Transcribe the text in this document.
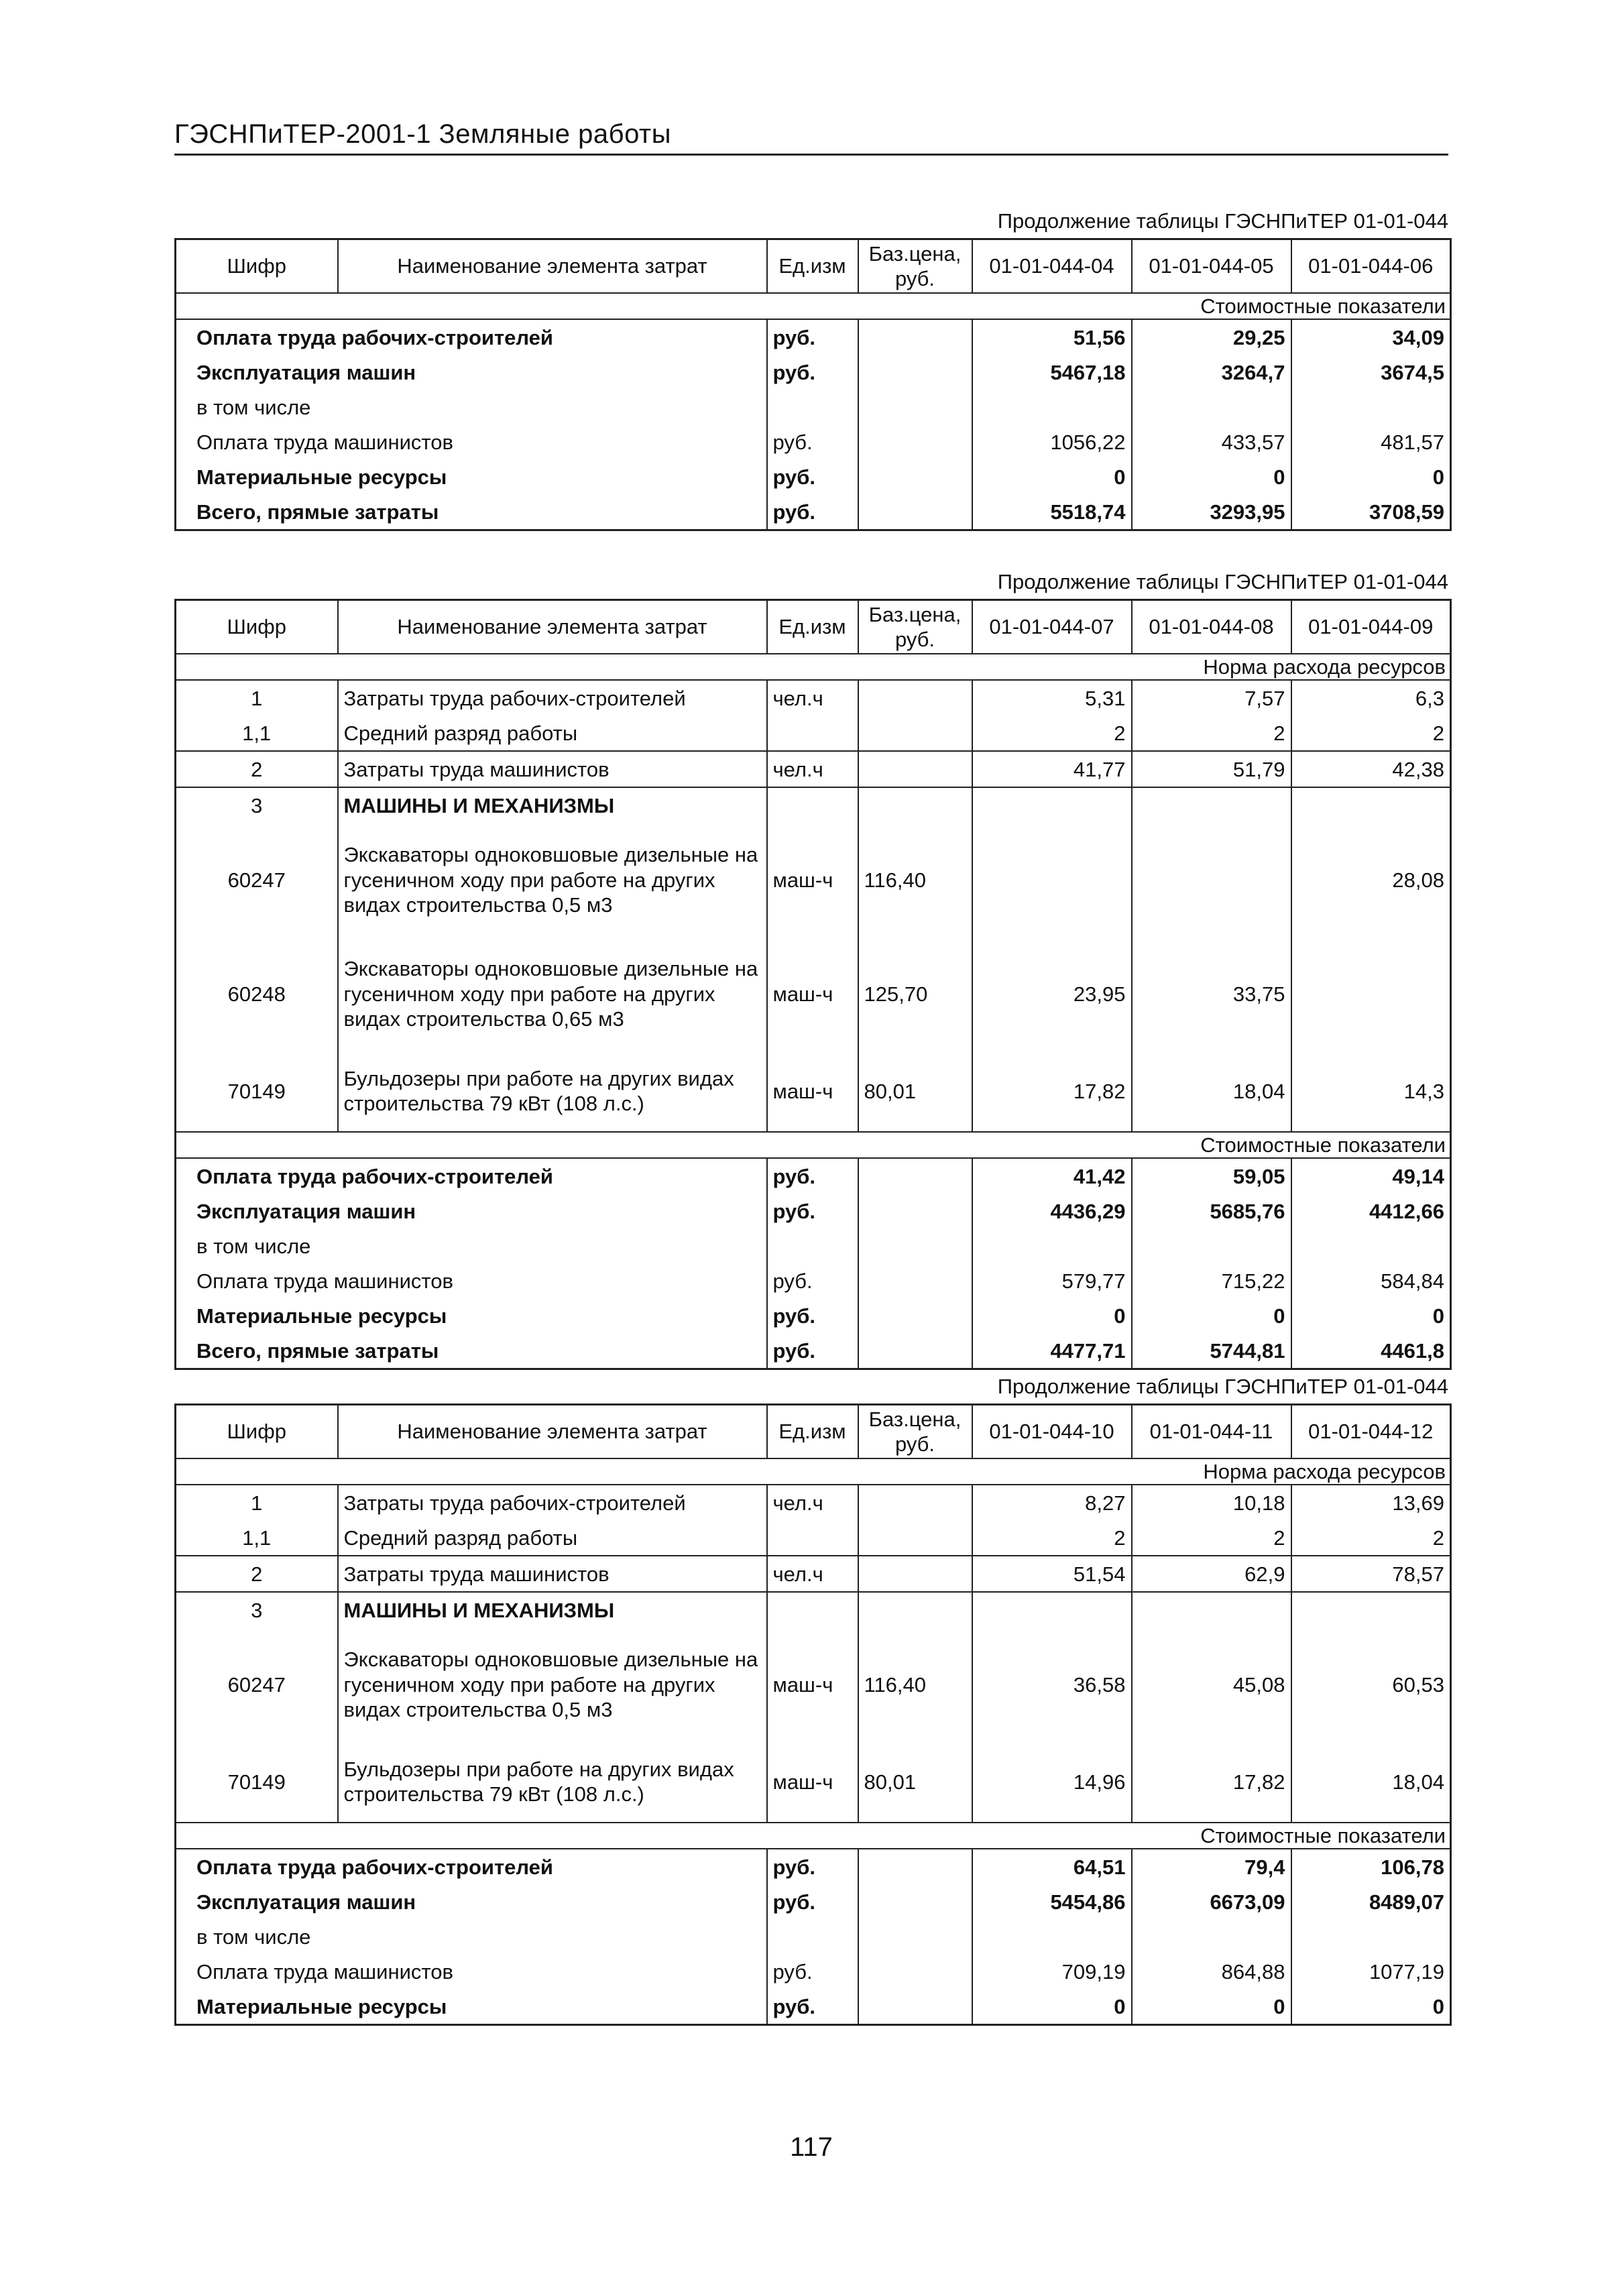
ГЭСНПиТЕР-2001-1 Земляные работы
Продолжение таблицы ГЭСНПиТЕР 01-01-044
Шифр	Наименование элемента затрат	Ед.изм	Баз.цена, руб.	01-01-044-04	01-01-044-05	01-01-044-06
Стоимостные показатели						
Оплата труда рабочих-строителей		руб.		51,56	29,25	34,09
Эксплуатация машин		руб.		5467,18	3264,7	3674,5
в том числе						
Оплата труда машинистов		руб.		1056,22	433,57	481,57
Материальные ресурсы		руб.		0	0	0
Всего, прямые затраты		руб.		5518,74	3293,95	3708,59
Продолжение таблицы ГЭСНПиТЕР 01-01-044
Шифр	Наименование элемента затрат	Ед.изм	Баз.цена, руб.	01-01-044-07	01-01-044-08	01-01-044-09
Норма расхода ресурсов						
1	Затраты труда рабочих-строителей	чел.ч		5,31	7,57	6,3
1,1	Средний разряд работы			2	2	2
2	Затраты труда машинистов	чел.ч		41,77	51,79	42,38
3	МАШИНЫ И МЕХАНИЗМЫ					
60247	Экскаваторы одноковшовые дизельные на гусеничном ходу при работе на других видах строительства 0,5 м3	маш-ч	116,40			28,08
60248	Экскаваторы одноковшовые дизельные на гусеничном ходу при работе на других видах строительства 0,65 м3	маш-ч	125,70	23,95	33,75	
70149	Бульдозеры при работе на других видах строительства 79 кВт (108 л.с.)	маш-ч	80,01	17,82	18,04	14,3
Стоимостные показатели						
Оплата труда рабочих-строителей		руб.		41,42	59,05	49,14
Эксплуатация машин		руб.		4436,29	5685,76	4412,66
в том числе						
Оплата труда машинистов		руб.		579,77	715,22	584,84
Материальные ресурсы		руб.		0	0	0
Всего, прямые затраты		руб.		4477,71	5744,81	4461,8
Продолжение таблицы ГЭСНПиТЕР 01-01-044
Шифр	Наименование элемента затрат	Ед.изм	Баз.цена, руб.	01-01-044-10	01-01-044-11	01-01-044-12
Норма расхода ресурсов						
1	Затраты труда рабочих-строителей	чел.ч		8,27	10,18	13,69
1,1	Средний разряд работы			2	2	2
2	Затраты труда машинистов	чел.ч		51,54	62,9	78,57
3	МАШИНЫ И МЕХАНИЗМЫ					
60247	Экскаваторы одноковшовые дизельные на гусеничном ходу при работе на других видах строительства 0,5 м3	маш-ч	116,40	36,58	45,08	60,53
70149	Бульдозеры при работе на других видах строительства 79 кВт (108 л.с.)	маш-ч	80,01	14,96	17,82	18,04
Стоимостные показатели						
Оплата труда рабочих-строителей		руб.		64,51	79,4	106,78
Эксплуатация машин		руб.		5454,86	6673,09	8489,07
в том числе						
Оплата труда машинистов		руб.		709,19	864,88	1077,19
Материальные ресурсы		руб.		0	0	0
117
